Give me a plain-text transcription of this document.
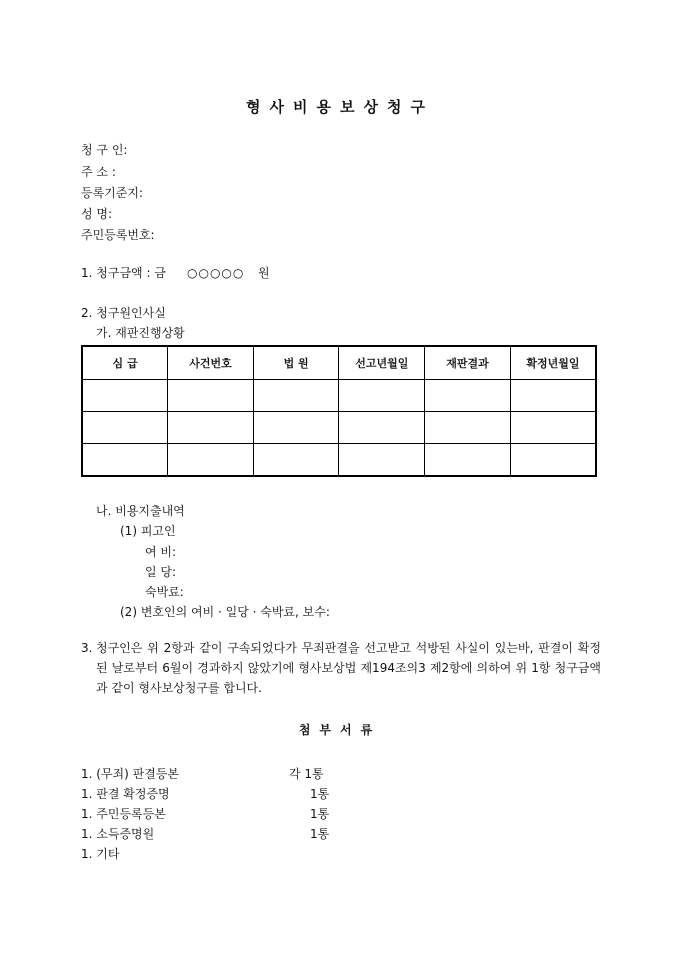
형사비용보상청구
청 구 인:
주 소 :
등록기준지:
성 명:
주민등록번호:
1. 청구금액 : 금 ○○○○○ 원
2. 청구원인사실
가. 재판진행상황
심 급	사건번호	법 원	선고년월일	재판결과	확정년월일

나. 비용지출내역
(1) 피고인
여 비:
일 당:
숙박료:
(2) 변호인의 여비 · 일당 · 숙박료, 보수:
3. 청구인은 위 2항과 같이 구속되었다가 무죄판결을 선고받고 석방된 사실이 있는바, 판결이 확정된 날로부터 6월이 경과하지 않았기에 형사보상법 제194조의3 제2항에 의하여 위 1항 청구금액과 같이 형사보상청구를 합니다.
첨부서류
1. (무죄) 판결등본	각 1통
1. 판결 확정증명	1통
1. 주민등록등본	1통
1. 소득증명원	1통
1. 기타
